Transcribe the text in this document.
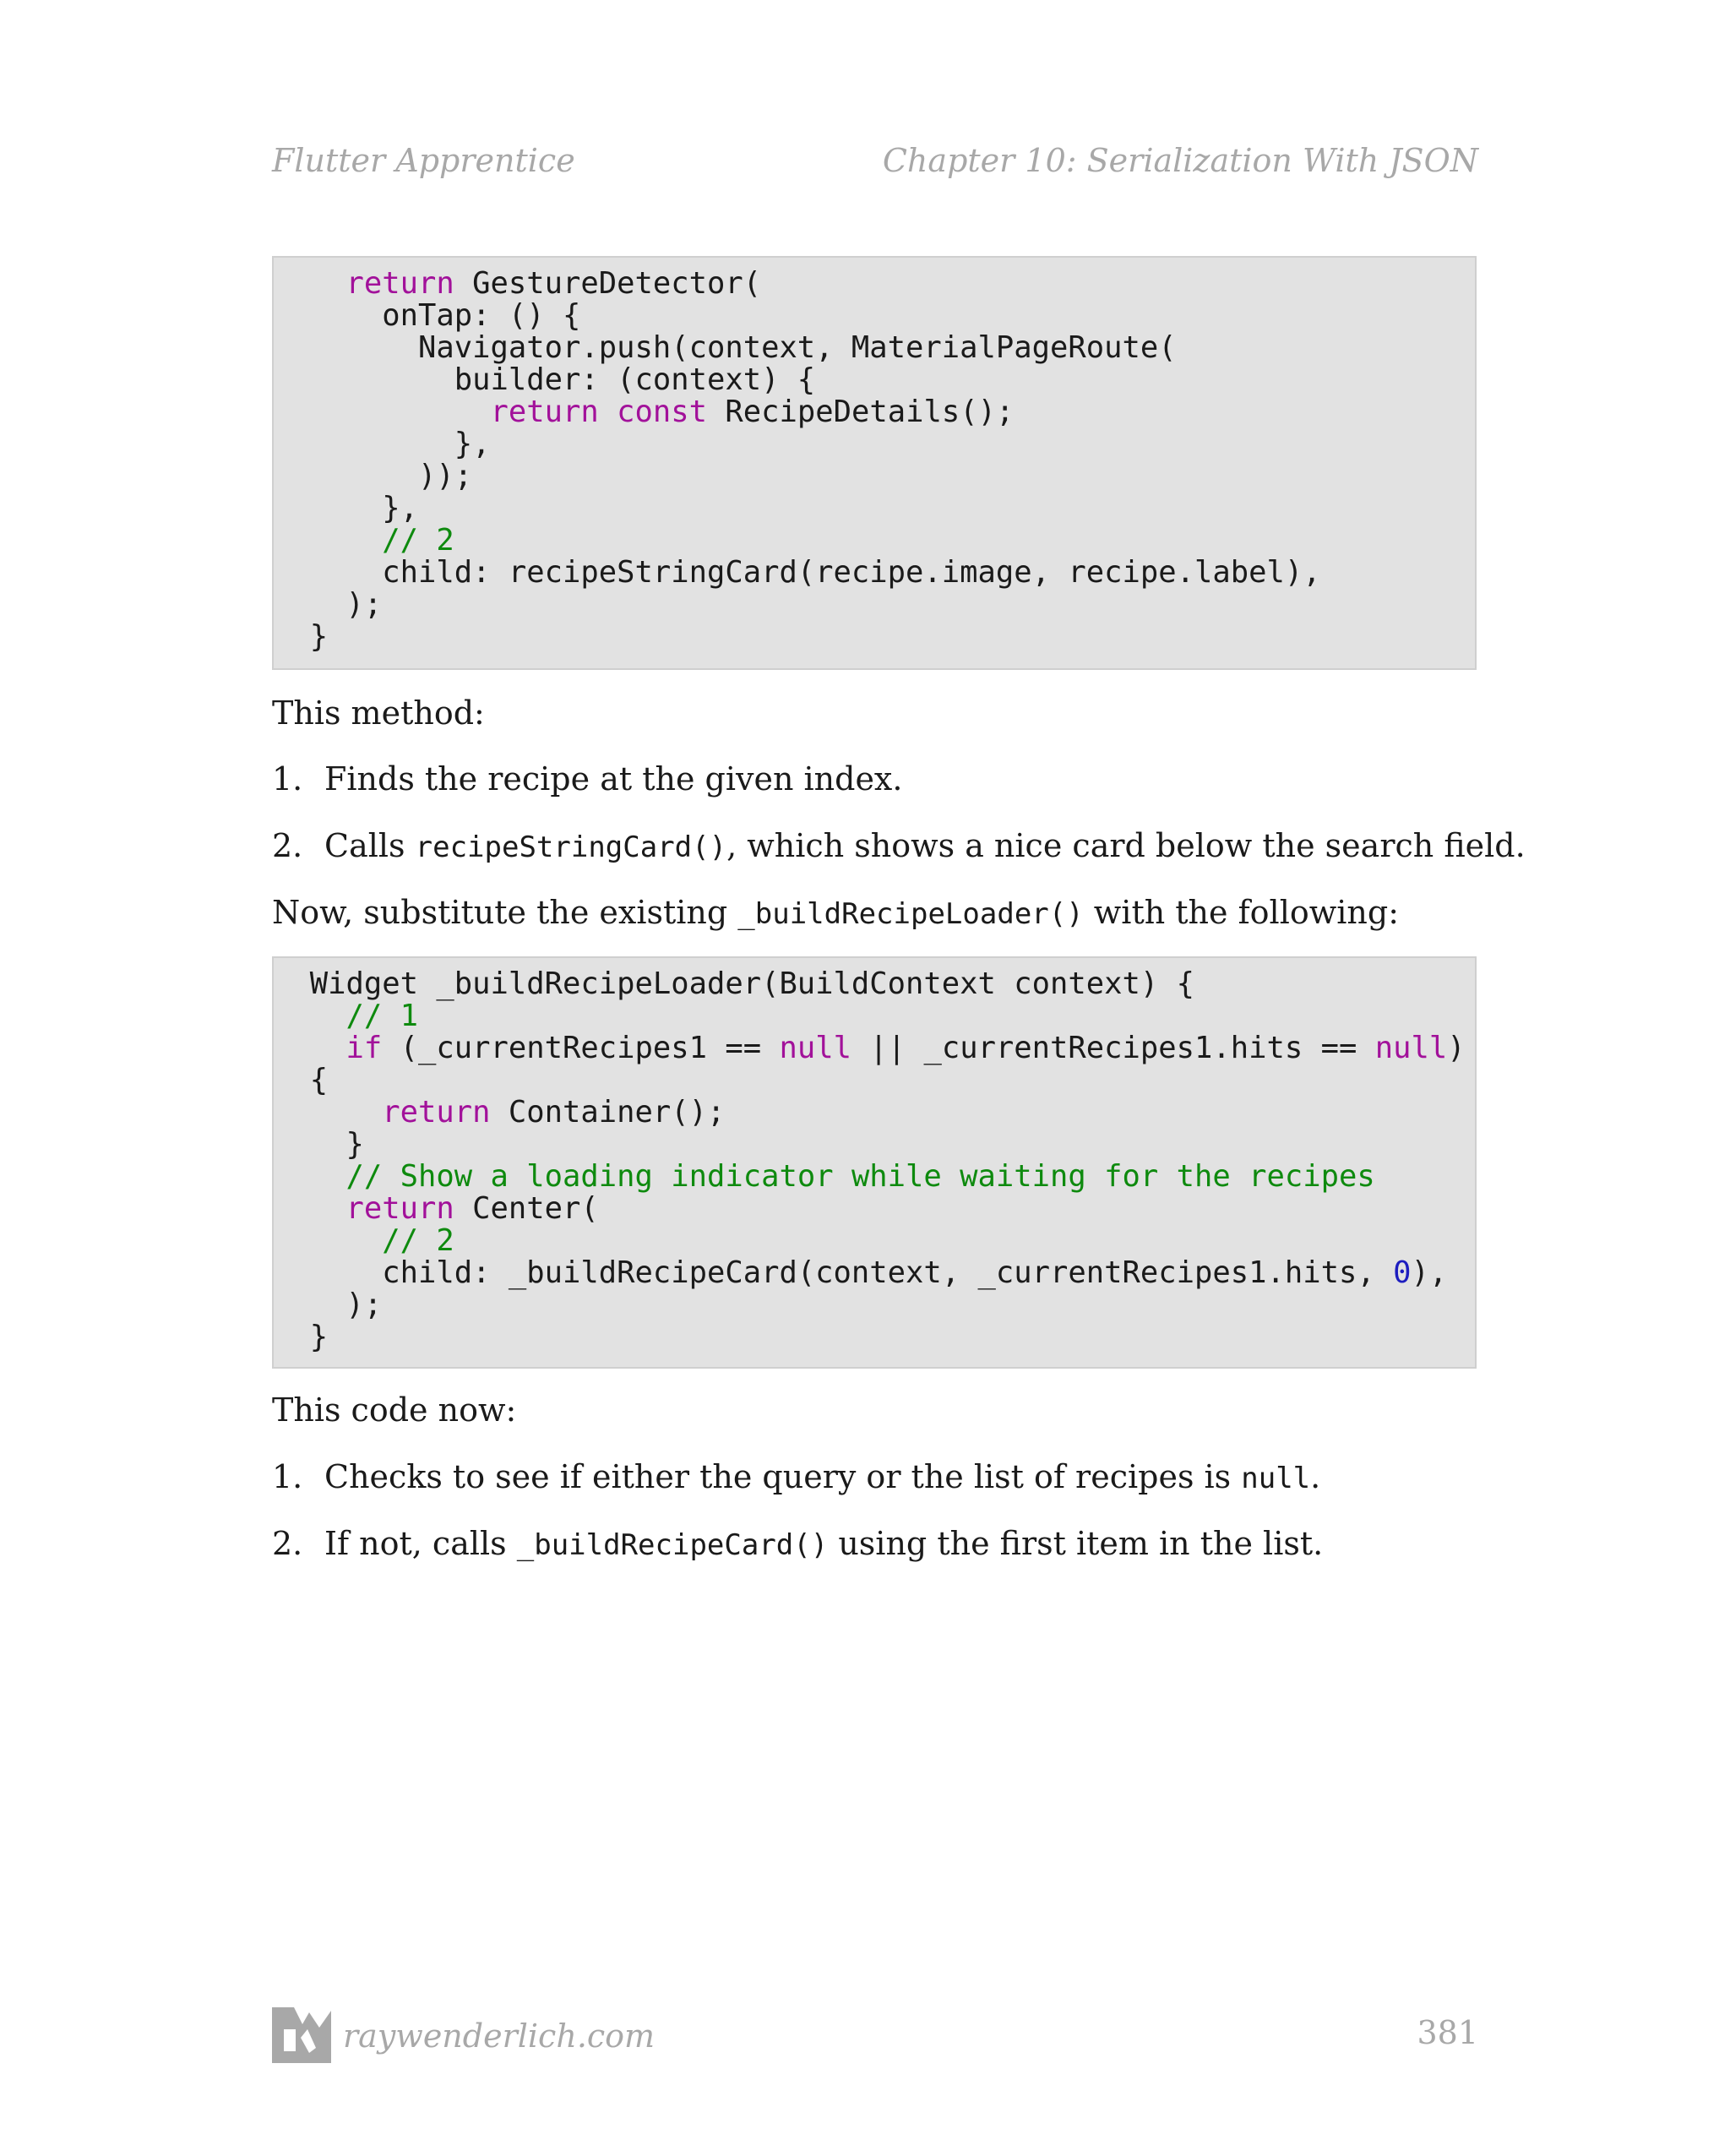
Flutter Apprentice	Chapter 10: Serialization With JSON
return GestureDetector(
onTap: () {
Navigator.push(context, MaterialPageRoute(
builder: (context) {
return const RecipeDetails();
},
));
},
// 2
child: recipeStringCard(recipe.image, recipe.label),
);
}

This method:

1. Finds the recipe at the given index.
2. Calls recipeStringCard(), which shows a nice card below the search field.

Now, substitute the existing _buildRecipeLoader() with the following:

Widget _buildRecipeLoader(BuildContext context) {
// 1
if (_currentRecipes1 == null || _currentRecipes1.hits == null)
{
return Container();
}
// Show a loading indicator while waiting for the recipes
return Center(
// 2
child: _buildRecipeCard(context, _currentRecipes1.hits, 0),
);
}

This code now:

1. Checks to see if either the query or the list of recipes is null.
2. If not, calls _buildRecipeCard() using the first item in the list.
raywenderlich.com	381
